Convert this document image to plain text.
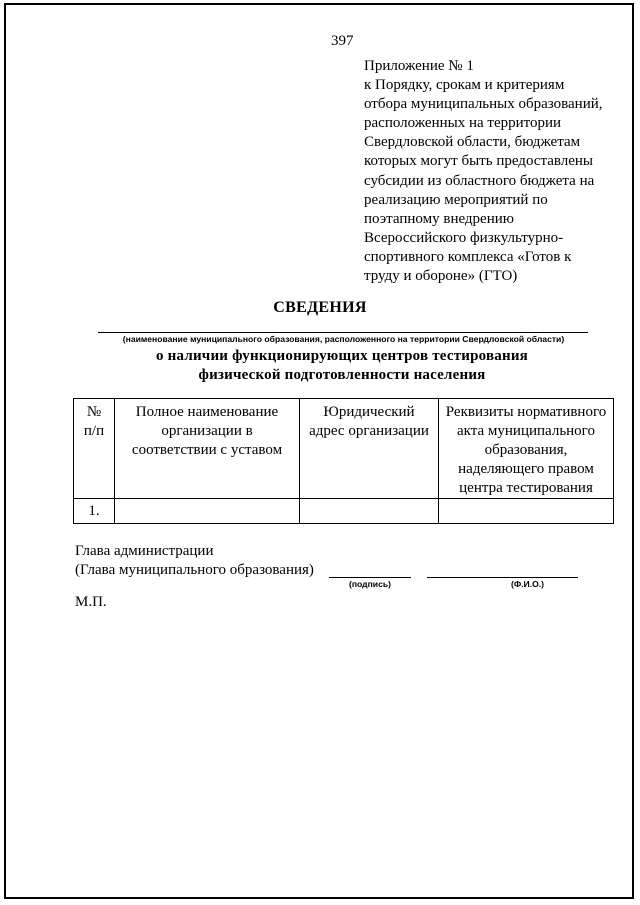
397
Приложение № 1
к Порядку, срокам и критериям
отбора муниципальных образований,
расположенных на территории
Свердловской области, бюджетам
которых могут быть предоставлены
субсидии из областного бюджета на
реализацию мероприятий по
поэтапному внедрению
Всероссийского физкультурно-
спортивного комплекса «Готов к
труду и обороне» (ГТО)
СВЕДЕНИЯ
(наименование муниципального образования, расположенного на территории Свердловской области)
о наличии функционирующих центров тестирования
физической подготовленности населения
№ п/п	Полное наименование организации в соответствии с уставом	Юридический адрес организации	Реквизиты нормативного акта муниципального образования, наделяющего правом центра тестирования

1.			
Глава администрации
(Глава муниципального образования)
(подпись)	(Ф.И.О.)
М.П.
